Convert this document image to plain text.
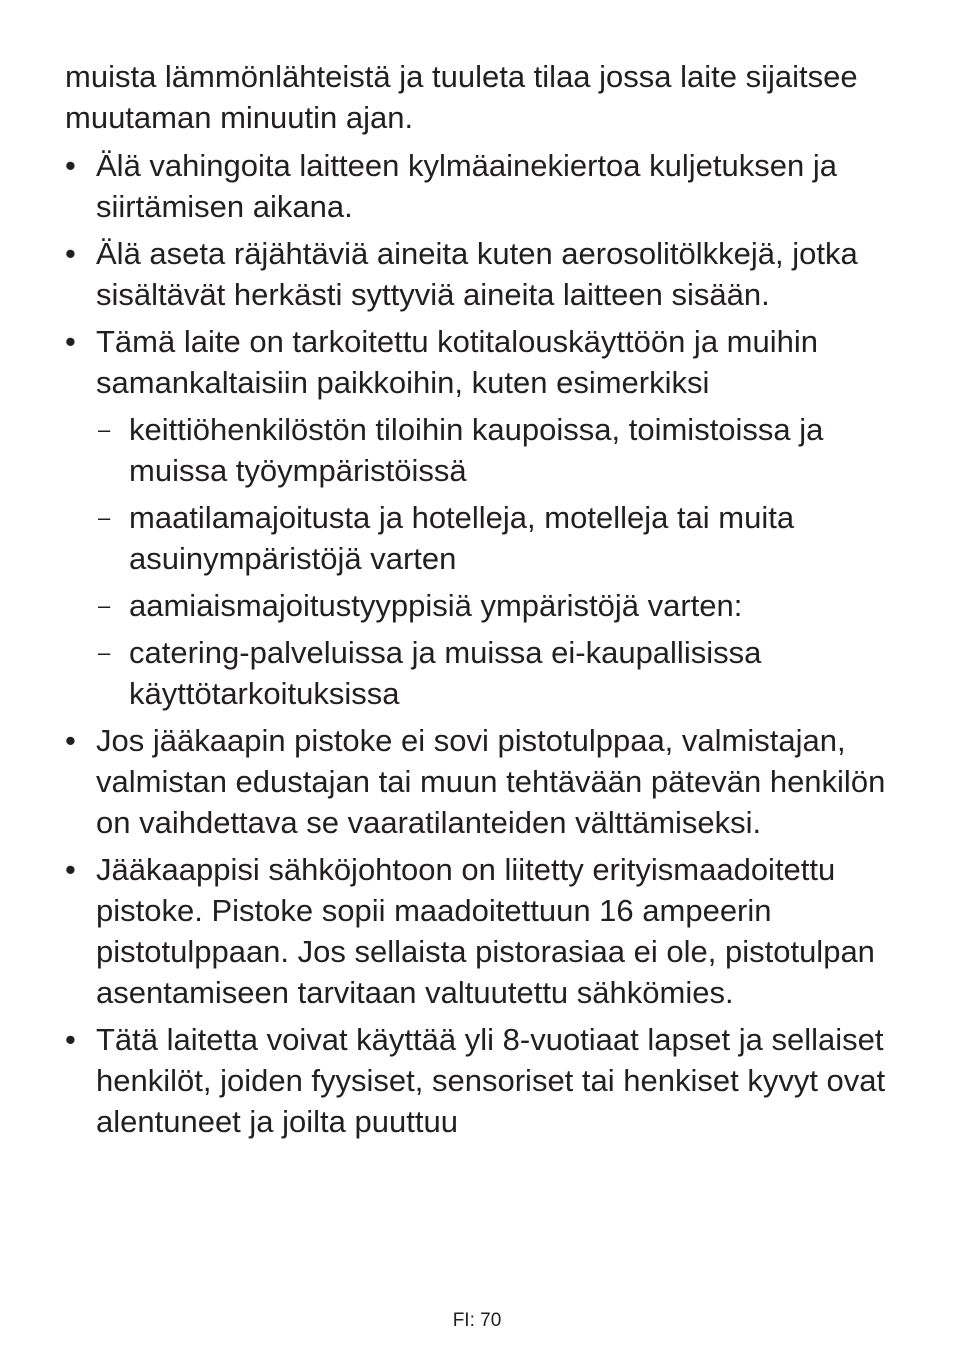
muista lämmönlähteistä ja tuuleta tilaa jossa laite sijaitsee muutaman minuutin ajan.

• Älä vahingoita laitteen kylmäainekiertoa kuljetuksen ja siirtämisen aikana.
• Älä aseta räjähtäviä aineita kuten aerosolitölkkejä, jotka sisältävät herkästi syttyviä aineita laitteen sisään.
• Tämä laite on tarkoitettu kotitalouskäyttöön ja muihin samankaltaisiin paikkoihin, kuten esimerkiksi
– keittiöhenkilöstön tiloihin kaupoissa, toimistoissa ja muissa työympäristöissä
– maatilamajoitusta ja hotelleja, motelleja tai muita asuinympäristöjä varten
– aamiaismajoitustyyppisiä ympäristöjä varten:
– catering-palveluissa ja muissa ei-kaupallisissa käyttötarkoituksissa
• Jos jääkaapin pistoke ei sovi pistotulppaa, valmistajan, valmistan edustajan tai muun tehtävään pätevän henkilön on vaihdettava se vaaratilanteiden välttämiseksi.
• Jääkaappisi sähköjohtoon on liitetty erityismaadoitettu pistoke. Pistoke sopii maadoitettuun 16 ampeerin pistotulppaan. Jos sellaista pistorasiaa ei ole, pistotulpan asentamiseen tarvitaan valtuutettu sähkömies.
• Tätä laitetta voivat käyttää yli 8-vuotiaat lapset ja sellaiset henkilöt, joiden fyysiset, sensoriset tai henkiset kyvyt ovat alentuneet ja joilta puuttuu
FI: 70
